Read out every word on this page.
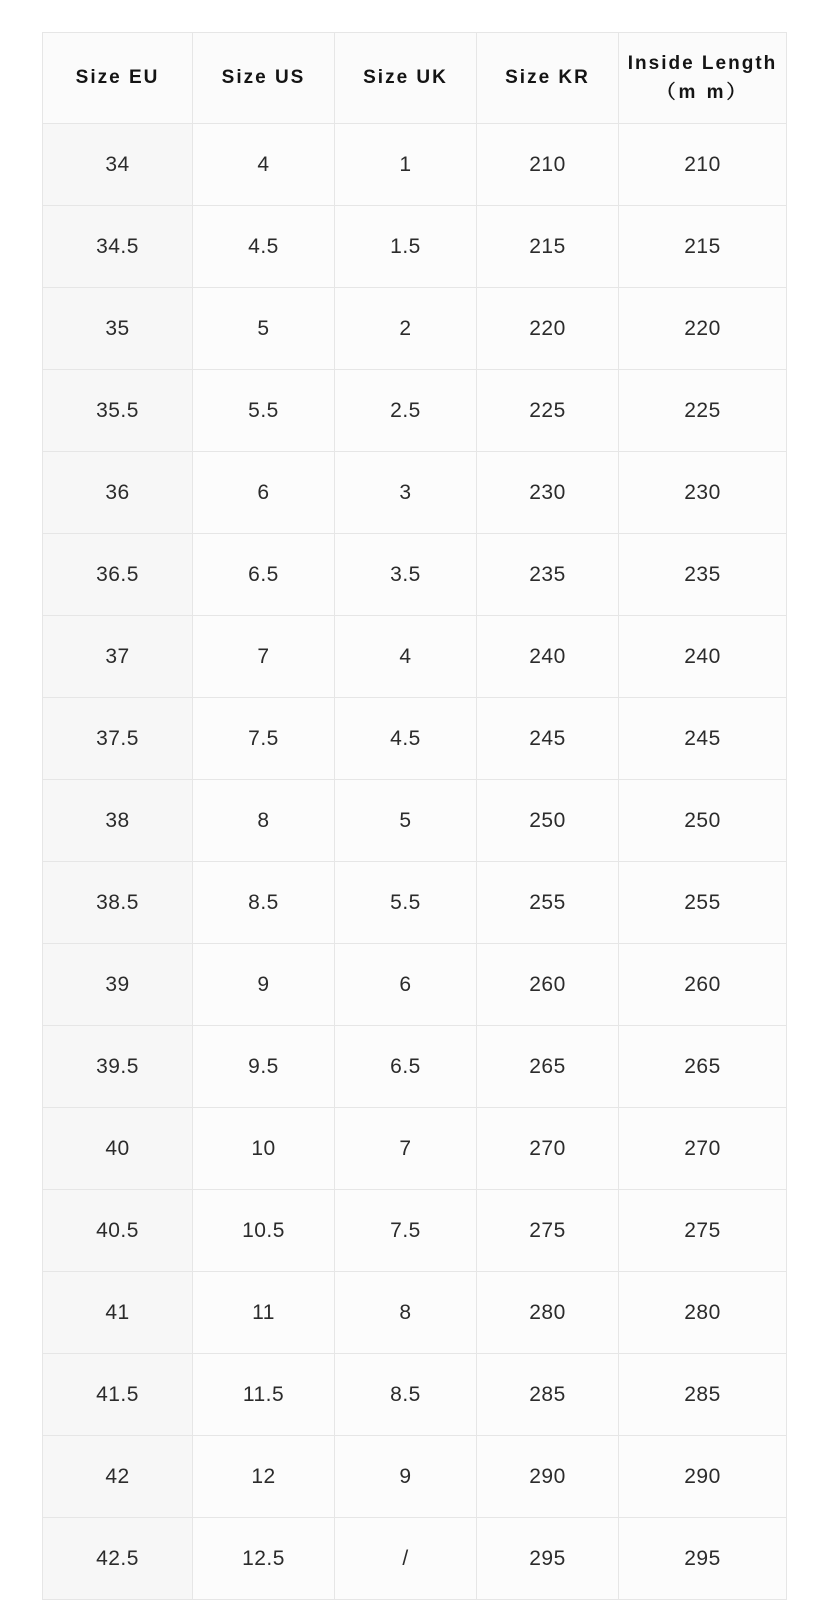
Size EU	Size US	Size UK	Size KR	Inside Length
（m m）

34	4	1	210	210
34.5	4.5	1.5	215	215
35	5	2	220	220
35.5	5.5	2.5	225	225
36	6	3	230	230
36.5	6.5	3.5	235	235
37	7	4	240	240
37.5	7.5	4.5	245	245
38	8	5	250	250
38.5	8.5	5.5	255	255
39	9	6	260	260
39.5	9.5	6.5	265	265
40	10	7	270	270
40.5	10.5	7.5	275	275
41	11	8	280	280
41.5	11.5	8.5	285	285
42	12	9	290	290
42.5	12.5	/	295	295
